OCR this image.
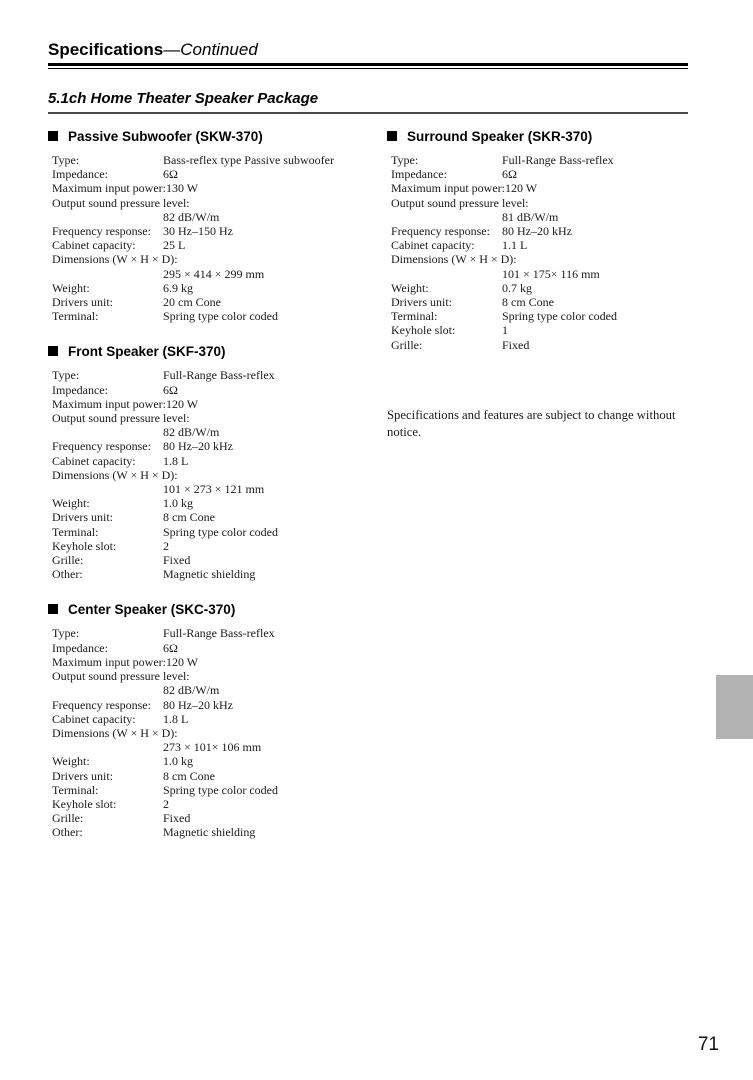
Specifications—Continued
5.1ch Home Theater Speaker Package
Passive Subwoofer (SKW-370)
Type:	Bass-reflex type Passive subwoofer
Impedance:	6Ω
Maximum input power:130 W
Output sound pressure level:
82 dB/W/m
Frequency response: 30 Hz–150 Hz
Cabinet capacity: 25 L
Dimensions (W × H × D):
295 × 414 × 299 mm
Weight:	6.9 kg
Drivers unit:	20 cm Cone
Terminal:	Spring type color coded
Front Speaker (SKF-370)
Type:	Full-Range Bass-reflex
Impedance:	6Ω
Maximum input power:120 W
Output sound pressure level:
82 dB/W/m
Frequency response: 80 Hz–20 kHz
Cabinet capacity: 1.8 L
Dimensions (W × H × D):
101 × 273 × 121 mm
Weight:	1.0 kg
Drivers unit:	8 cm Cone
Terminal:	Spring type color coded
Keyhole slot:	2
Grille:	Fixed
Other:	Magnetic shielding
Center Speaker (SKC-370)
Type:	Full-Range Bass-reflex
Impedance:	6Ω
Maximum input power:120 W
Output sound pressure level:
82 dB/W/m
Frequency response: 80 Hz–20 kHz
Cabinet capacity: 1.8 L
Dimensions (W × H × D):
273 × 101× 106 mm
Weight:	1.0 kg
Drivers unit:	8 cm Cone
Terminal:	Spring type color coded
Keyhole slot:	2
Grille:	Fixed
Other:	Magnetic shielding
Specifications and features are subject to change without notice.
Surround Speaker (SKR-370)
Type:	Full-Range Bass-reflex
Impedance:	6Ω
Maximum input power:120 W
Output sound pressure level:
81 dB/W/m
Frequency response: 80 Hz–20 kHz
Cabinet capacity: 1.1 L
Dimensions (W × H × D):
101 × 175× 116 mm
Weight:	0.7 kg
Drivers unit:	8 cm Cone
Terminal:	Spring type color coded
Keyhole slot:	1
Grille:	Fixed
71
